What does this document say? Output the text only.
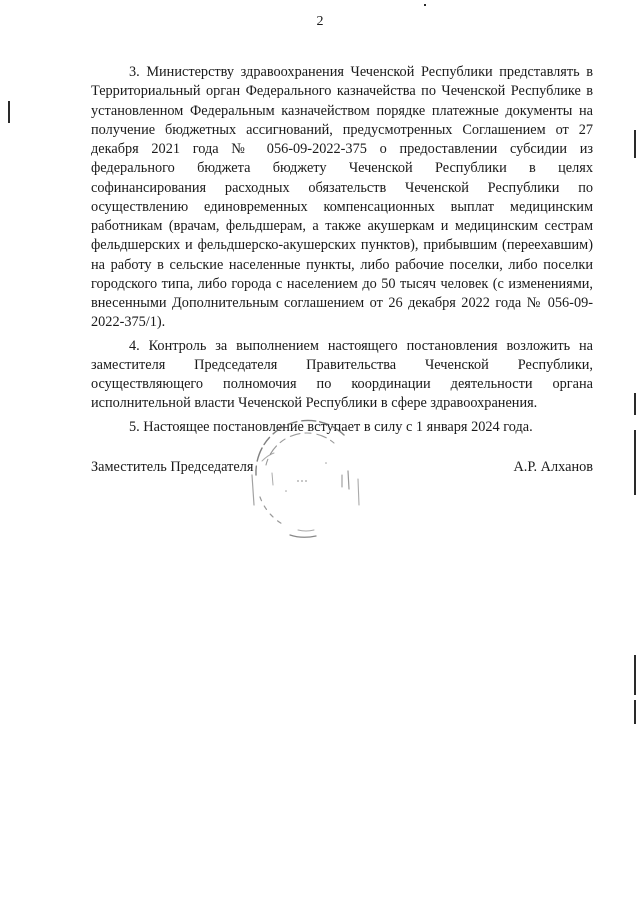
2

3. Министерству здравоохранения Чеченской Республики представлять в Территориальный орган Федерального казначейства по Чеченской Республике в установленном Федеральным казначейством порядке платежные документы на получение бюджетных ассигнований, предусмотренных Соглашением от 27 декабря 2021 года № 056-09-2022-375 о предоставлении субсидии из федерального бюджета бюджету Чеченской Республики в целях софинансирования расходных обязательств Чеченской Республики по осуществлению единовременных компенсационных выплат медицинским работникам (врачам, фельдшерам, а также акушеркам и медицинским сестрам фельдшерских и фельдшерско-акушерских пунктов), прибывшим (переехавшим) на работу в сельские населенные пункты, либо рабочие поселки, либо поселки городского типа, либо города с населением до 50 тысяч человек (с изменениями, внесенными Дополнительным соглашением от 26 декабря 2022 года № 056-09-2022-375/1).

4. Контроль за выполнением настоящего постановления возложить на заместителя Председателя Правительства Чеченской Республики, осуществляющего полномочия по координации деятельности органа исполнительной власти Чеченской Республики в сфере здравоохранения.

5. Настоящее постановление вступает в силу с 1 января 2024 года.

Заместитель Председателя	А.Р. Алханов
